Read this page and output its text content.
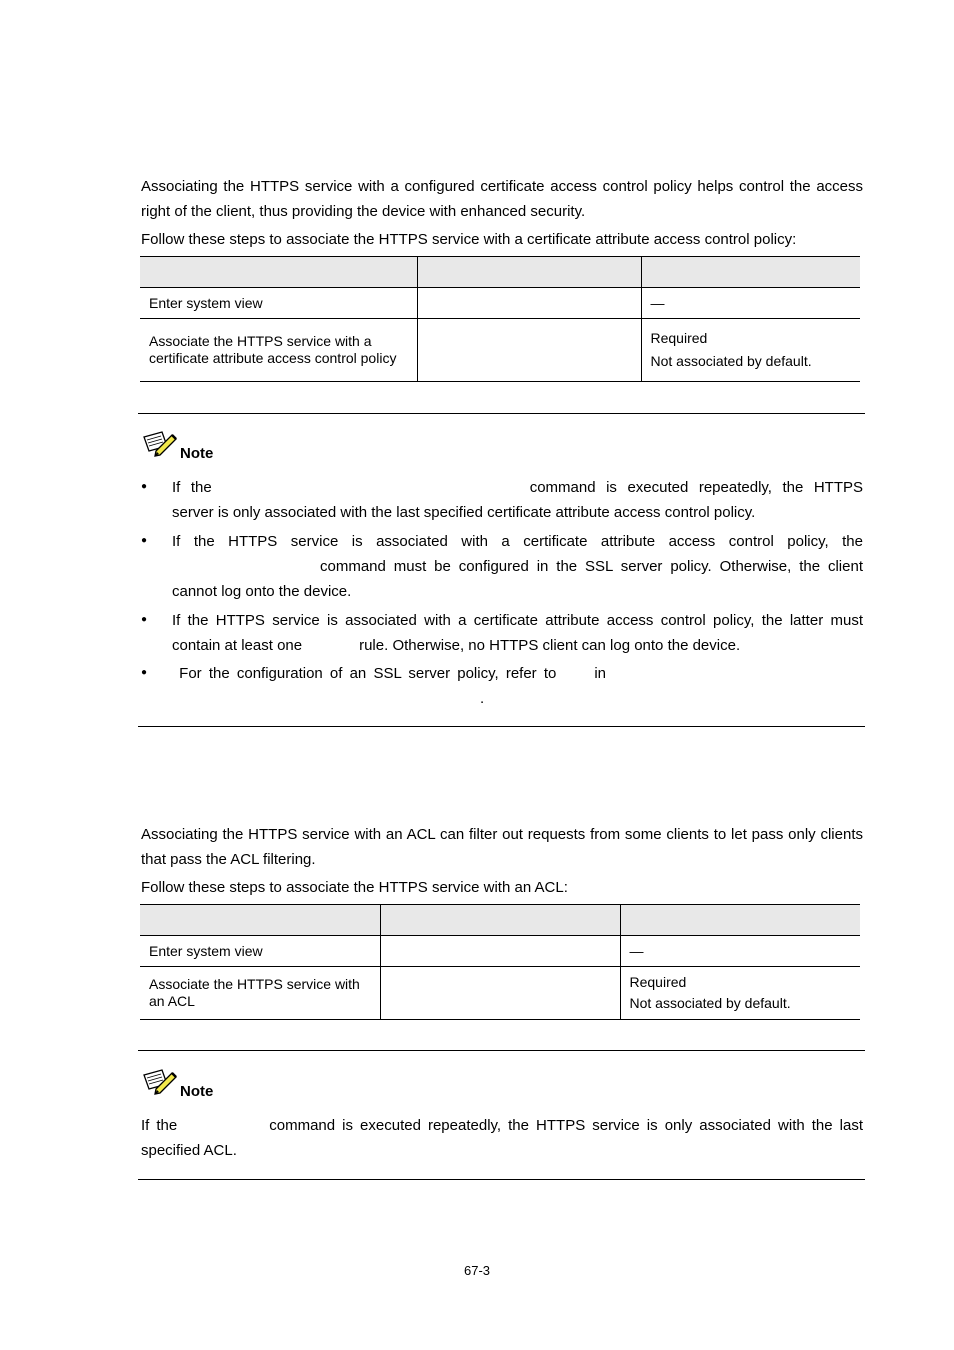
Associating the HTTPS service with a configured certificate access control policy helps control the access right of the client, thus providing the device with enhanced security.

Follow these steps to associate the HTTPS service with a certificate attribute access control policy:

Enter system view		—
Associate the HTTPS service with a certificate attribute access control policy		Required
Not associated by default.
Note
● If the	command is executed repeatedly, the HTTPS server is only associated with the last specified certificate attribute access control policy.

● If the HTTPS service is associated with a certificate attribute access control policy, the command must be configured in the SSL server policy. Otherwise, the client cannot log onto the device.

● If the HTTPS service is associated with a certificate attribute access control policy, the latter must contain at least one	rule. Otherwise, no HTTPS client can log onto the device.

●	For the configuration of an SSL server policy, refer to	in
.

Associating the HTTPS service with an ACL can filter out requests from some clients to let pass only clients that pass the ACL filtering.

Follow these steps to associate the HTTPS service with an ACL:

Enter system view		—
Associate the HTTPS service with an ACL		Required
Not associated by default.
Note

If the	command is executed repeatedly, the HTTPS service is only associated with the last specified ACL.

67-3
